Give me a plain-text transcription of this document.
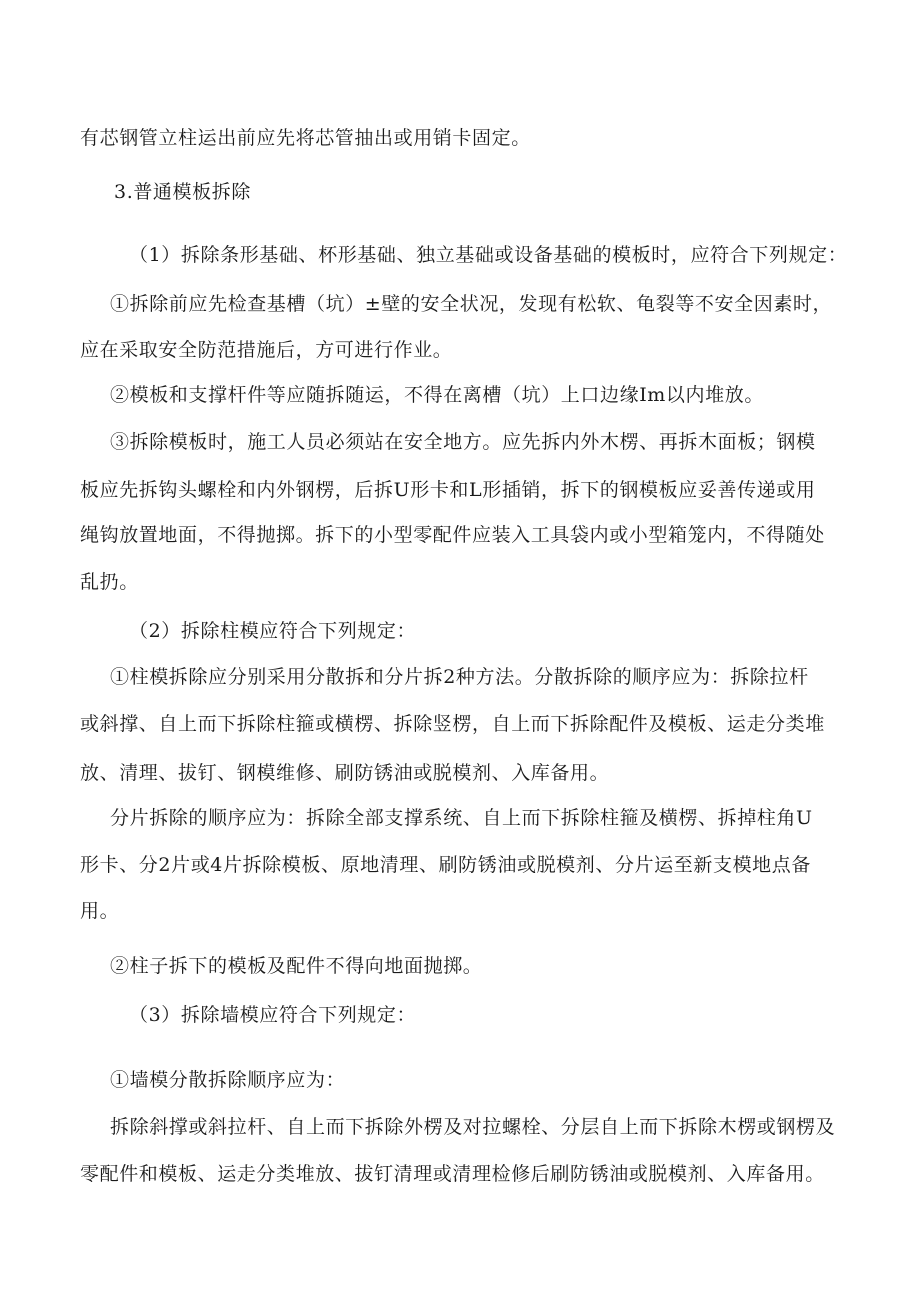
有芯钢管立柱运出前应先将芯管抽出或用销卡固定。
3.普通模板拆除
（1）拆除条形基础、杯形基础、独立基础或设备基础的模板时，应符合下列规定：
①拆除前应先检查基槽（坑）±壁的安全状况，发现有松软、龟裂等不安全因素时，
应在采取安全防范措施后，方可进行作业。
②模板和支撑杆件等应随拆随运，不得在离槽（坑）上口边缘Im以内堆放。
③拆除模板时，施工人员必须站在安全地方。应先拆内外木楞、再拆木面板；钢模
板应先拆钩头螺栓和内外钢楞，后拆U形卡和L形插销，拆下的钢模板应妥善传递或用
绳钩放置地面，不得抛掷。拆下的小型零配件应装入工具袋内或小型箱笼内，不得随处
乱扔。
（2）拆除柱模应符合下列规定：
①柱模拆除应分别采用分散拆和分片拆2种方法。分散拆除的顺序应为：拆除拉杆
或斜撑、自上而下拆除柱箍或横楞、拆除竖楞，自上而下拆除配件及模板、运走分类堆
放、清理、拔钉、钢模维修、刷防锈油或脱模剂、入库备用。
分片拆除的顺序应为：拆除全部支撑系统、自上而下拆除柱箍及横楞、拆掉柱角U
形卡、分2片或4片拆除模板、原地清理、刷防锈油或脱模剂、分片运至新支模地点备
用。
②柱子拆下的模板及配件不得向地面抛掷。
（3）拆除墙模应符合下列规定：
①墙模分散拆除顺序应为：
拆除斜撑或斜拉杆、自上而下拆除外楞及对拉螺栓、分层自上而下拆除木楞或钢楞及
零配件和模板、运走分类堆放、拔钉清理或清理检修后刷防锈油或脱模剂、入库备用。
